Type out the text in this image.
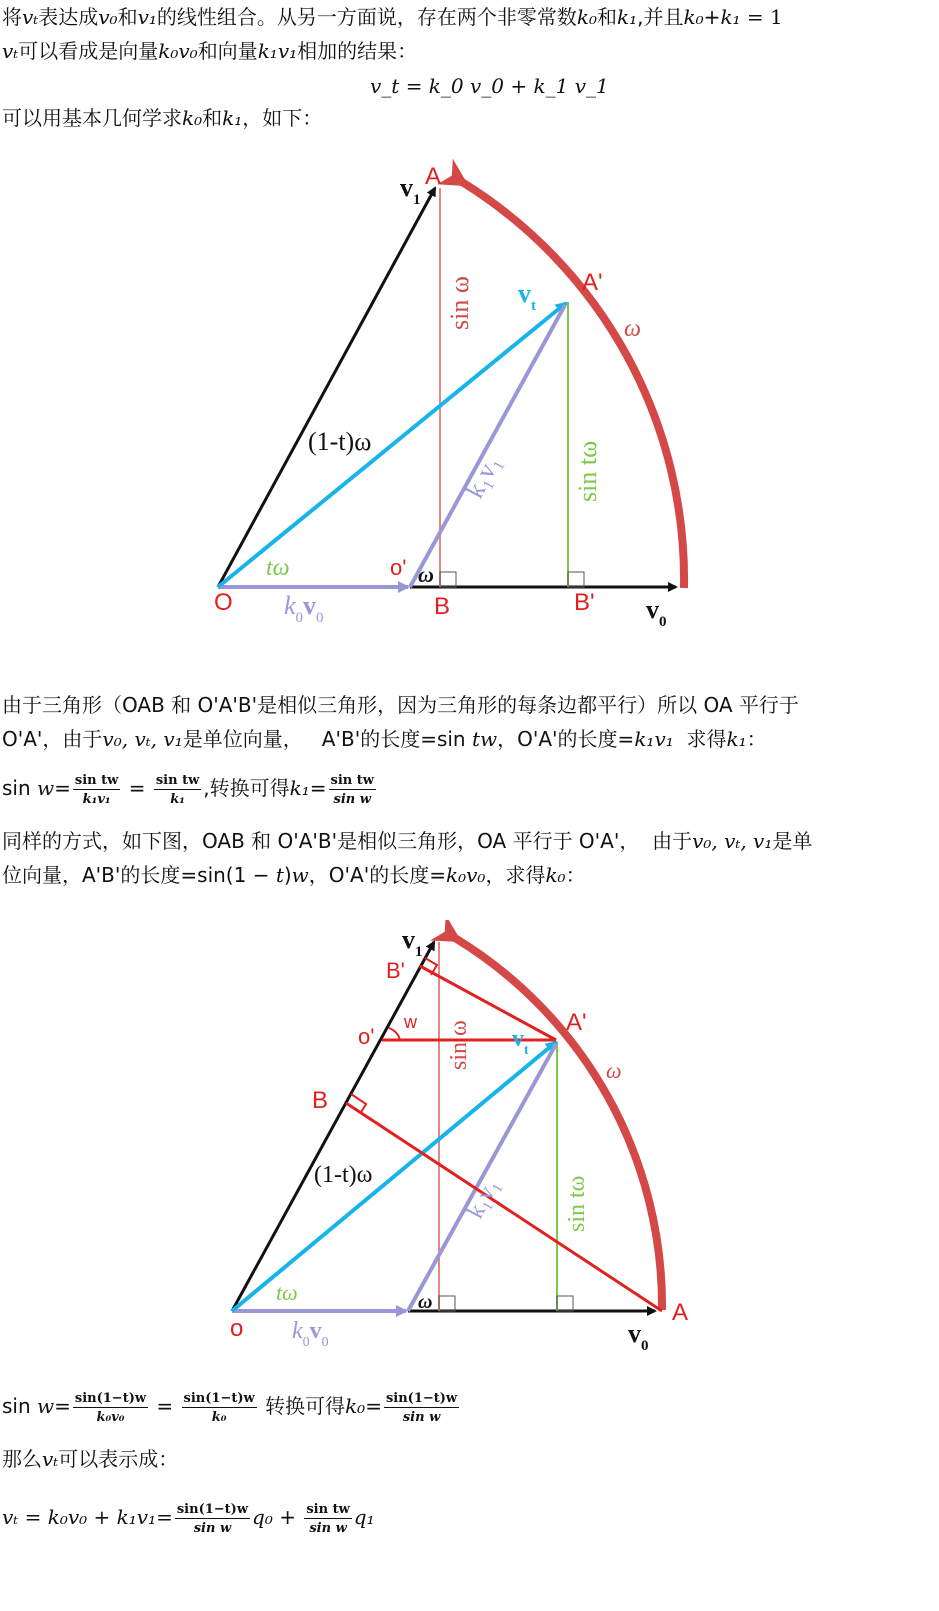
将vₜ表达成v₀和v₁的线性组合。从另一方面说，存在两个非零常数k₀和k₁,并且k₀+k₁ = 1
vₜ可以看成是向量k₀v₀和向量k₁v₁相加的结果：
v_t = k_0 v_0 + k_1 v_1
可以用基本几何学求k₀和k₁，如下：
A
A'
O
o'
B	B'
$v_1$
$v_0$
$v_t$
sin ω
sin tω
ω
(1-t)ω
tω	ω
$k_0v_0$
k₁v₁
由于三角形（OAB 和 O'A'B'是相似三角形，因为三角形的每条边都平行）所以 OA 平行于
O'A'，由于v₀, vₜ, v₁是单位向量， A'B'的长度=sin tw，O'A'的长度=k₁v₁ 求得k₁：
$\sin w= \frac{\text{sin tw}}{\text{k₁v₁}} = \frac{\text{sin tw}}{\text{k₁}}$ ,转换可得$k_1= \frac{\text{sin tw}}{\text{sin w}}$
同样的方式，如下图，OAB 和 O'A'B'是相似三角形，OA 平行于 O'A'， 由于v₀, vₜ, v₁是单
位向量，A'B'的长度=sin(1 − t)w，O'A'的长度=k₀v₀，求得k₀：
A
A'
o
o'
B
B'
w
$v_1$
$v_0$
$v_t$
sin ω
sin tω
ω
(1-t)ω
tω	ω
$k_0v_0$
k₁v₁
$\sin w= \frac{\sin(1-t)w}{\text{k₀v₀}} = \frac{\sin(1-t)w}{\text{k₀}}$ 转换可得$k_0= \frac{\sin(1-t)w}{\text{sin w}}$
那么vₜ可以表示成：
$v_t = k_0v_0 + k_1v_1= \frac{\sin(1-t)w}{\text{sin w}} q_0 + \frac{\text{sin tw}}{\text{sin w}} q_1$
